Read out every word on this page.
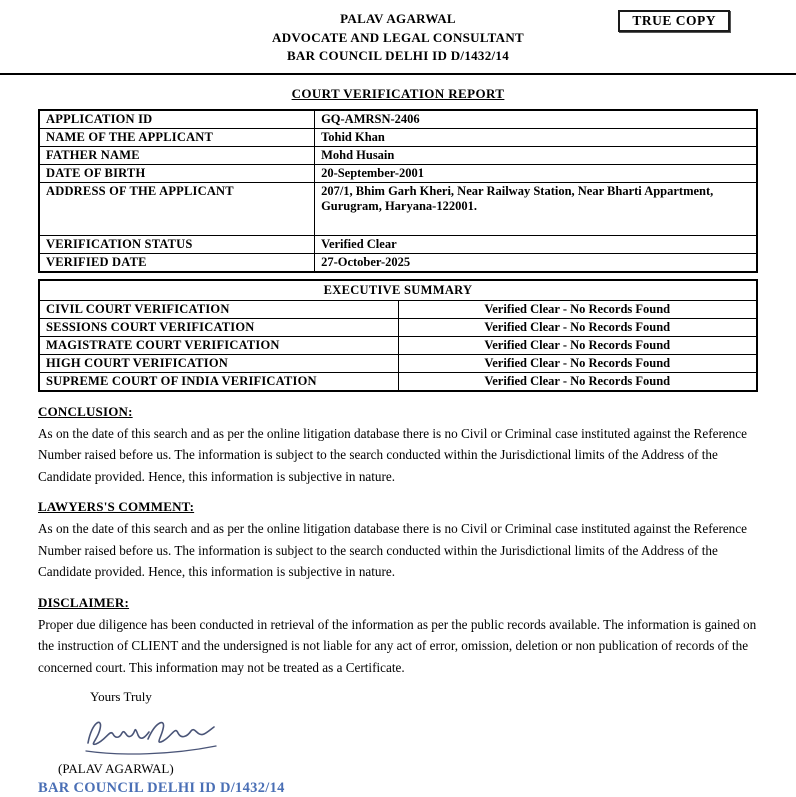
TRUE COPY
PALAV AGARWAL
ADVOCATE AND LEGAL CONSULTANT
BAR COUNCIL DELHI ID D/1432/14
COURT VERIFICATION REPORT
APPLICATION ID	GQ-AMRSN-2406
NAME OF THE APPLICANT	Tohid Khan
FATHER NAME	Mohd Husain
DATE OF BIRTH	20-September-2001
ADDRESS OF THE APPLICANT	207/1, Bhim Garh Kheri, Near Railway Station, Near Bharti Appartment, Gurugram, Haryana-122001.
VERIFICATION STATUS	Verified Clear
VERIFIED DATE	27-October-2025
EXECUTIVE SUMMARY	
CIVIL COURT VERIFICATION	Verified Clear - No Records Found
SESSIONS COURT VERIFICATION	Verified Clear - No Records Found
MAGISTRATE COURT VERIFICATION	Verified Clear - No Records Found
HIGH COURT VERIFICATION	Verified Clear - No Records Found
SUPREME COURT OF INDIA VERIFICATION	Verified Clear - No Records Found
CONCLUSION:
As on the date of this search and as per the online litigation database there is no Civil or Criminal case instituted against the Reference Number raised before us. The information is subject to the search conducted within the Jurisdictional limits of the Address of the Candidate provided. Hence, this information is subjective in nature.
LAWYERS'S COMMENT:
As on the date of this search and as per the online litigation database there is no Civil or Criminal case instituted against the Reference Number raised before us. The information is subject to the search conducted within the Jurisdictional limits of the Address of the Candidate provided. Hence, this information is subjective in nature.
DISCLAIMER:
Proper due diligence has been conducted in retrieval of the information as per the public records available. The information is gained on the instruction of CLIENT and the undersigned is not liable for any act of error, omission, deletion or non publication of records of the concerned court. This information may not be treated as a Certificate.
Yours Truly
(PALAV AGARWAL)
BAR COUNCIL DELHI ID D/1432/14
